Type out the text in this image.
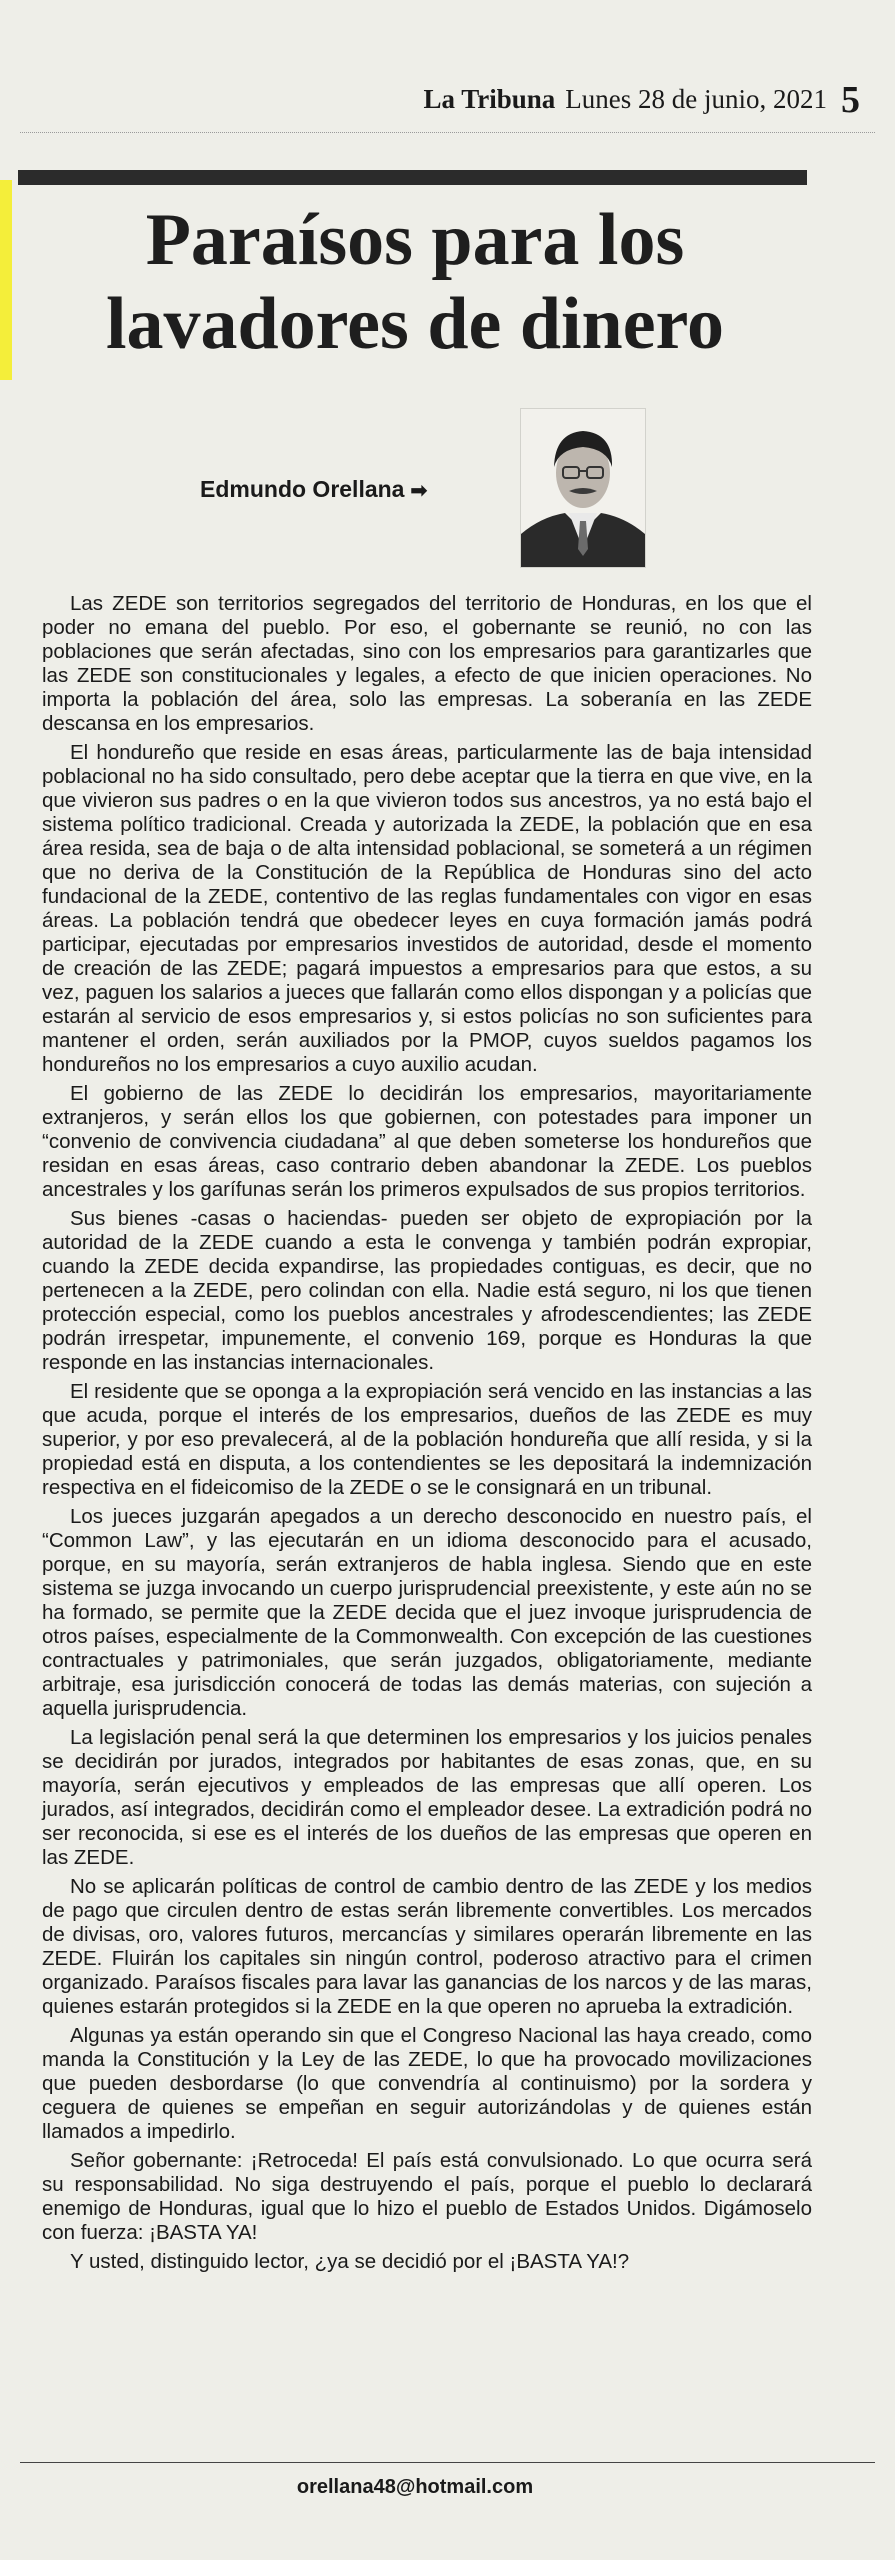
La Tribuna Lunes 28 de junio, 2021 5
Paraísos para los lavadores de dinero
Edmundo Orellana ➡

Las ZEDE son territorios segregados del territorio de Honduras, en los que el poder no emana del pueblo. Por eso, el gobernante se reunió, no con las poblaciones que serán afectadas, sino con los empresarios para garantizarles que las ZEDE son constitucionales y legales, a efecto de que inicien operaciones. No importa la población del área, solo las empresas. La soberanía en las ZEDE descansa en los empresarios.

El hondureño que reside en esas áreas, particularmente las de baja intensidad poblacional no ha sido consultado, pero debe aceptar que la tierra en que vive, en la que vivieron sus padres o en la que vivieron todos sus ancestros, ya no está bajo el sistema político tradicional. Creada y autorizada la ZEDE, la población que en esa área resida, sea de baja o de alta intensidad poblacional, se someterá a un régimen que no deriva de la Constitución de la República de Honduras sino del acto fundacional de la ZEDE, contentivo de las reglas fundamentales con vigor en esas áreas. La población tendrá que obedecer leyes en cuya formación jamás podrá participar, ejecutadas por empresarios investidos de autoridad, desde el momento de creación de las ZEDE; pagará impuestos a empresarios para que estos, a su vez, paguen los salarios a jueces que fallarán como ellos dispongan y a policías que estarán al servicio de esos empresarios y, si estos policías no son suficientes para mantener el orden, serán auxiliados por la PMOP, cuyos sueldos pagamos los hondureños no los empresarios a cuyo auxilio acudan.

El gobierno de las ZEDE lo decidirán los empresarios, mayoritariamente extranjeros, y serán ellos los que gobiernen, con potestades para imponer un “convenio de convivencia ciudadana” al que deben someterse los hondureños que residan en esas áreas, caso contrario deben abandonar la ZEDE. Los pueblos ancestrales y los garífunas serán los primeros expulsados de sus propios territorios.

Sus bienes -casas o haciendas- pueden ser objeto de expropiación por la autoridad de la ZEDE cuando a esta le convenga y también podrán expropiar, cuando la ZEDE decida expandirse, las propiedades contiguas, es decir, que no pertenecen a la ZEDE, pero colindan con ella. Nadie está seguro, ni los que tienen protección especial, como los pueblos ancestrales y afrodescendientes; las ZEDE podrán irrespetar, impunemente, el convenio 169, porque es Honduras la que responde en las instancias internacionales.

El residente que se oponga a la expropiación será vencido en las instancias a las que acuda, porque el interés de los empresarios, dueños de las ZEDE es muy superior, y por eso prevalecerá, al de la población hondureña que allí resida, y si la propiedad está en disputa, a los contendientes se les depositará la indemnización respectiva en el fideicomiso de la ZEDE o se le consignará en un tribunal.

Los jueces juzgarán apegados a un derecho desconocido en nuestro país, el “Common Law”, y las ejecutarán en un idioma desconocido para el acusado, porque, en su mayoría, serán extranjeros de habla inglesa. Siendo que en este sistema se juzga invocando un cuerpo jurisprudencial preexistente, y este aún no se ha formado, se permite que la ZEDE decida que el juez invoque jurisprudencia de otros países, especialmente de la Commonwealth. Con excepción de las cuestiones contractuales y patrimoniales, que serán juzgados, obligatoriamente, mediante arbitraje, esa jurisdicción conocerá de todas las demás materias, con sujeción a aquella jurisprudencia.

La legislación penal será la que determinen los empresarios y los juicios penales se decidirán por jurados, integrados por habitantes de esas zonas, que, en su mayoría, serán ejecutivos y empleados de las empresas que allí operen. Los jurados, así integrados, decidirán como el empleador desee. La extradición podrá no ser reconocida, si ese es el interés de los dueños de las empresas que operen en las ZEDE.

No se aplicarán políticas de control de cambio dentro de las ZEDE y los medios de pago que circulen dentro de estas serán libremente convertibles. Los mercados de divisas, oro, valores futuros, mercancías y similares operarán libremente en las ZEDE. Fluirán los capitales sin ningún control, poderoso atractivo para el crimen organizado. Paraísos fiscales para lavar las ganancias de los narcos y de las maras, quienes estarán protegidos si la ZEDE en la que operen no aprueba la extradición.

Algunas ya están operando sin que el Congreso Nacional las haya creado, como manda la Constitución y la Ley de las ZEDE, lo que ha provocado movilizaciones que pueden desbordarse (lo que convendría al continuismo) por la sordera y ceguera de quienes se empeñan en seguir autorizándolas y de quienes están llamados a impedirlo.

Señor gobernante: ¡Retroceda! El país está convulsionado. Lo que ocurra será su responsabilidad. No siga destruyendo el país, porque el pueblo lo declarará enemigo de Honduras, igual que lo hizo el pueblo de Estados Unidos. Digámoselo con fuerza: ¡BASTA YA!

Y usted, distinguido lector, ¿ya se decidió por el ¡BASTA YA!?

orellana48@hotmail.com
